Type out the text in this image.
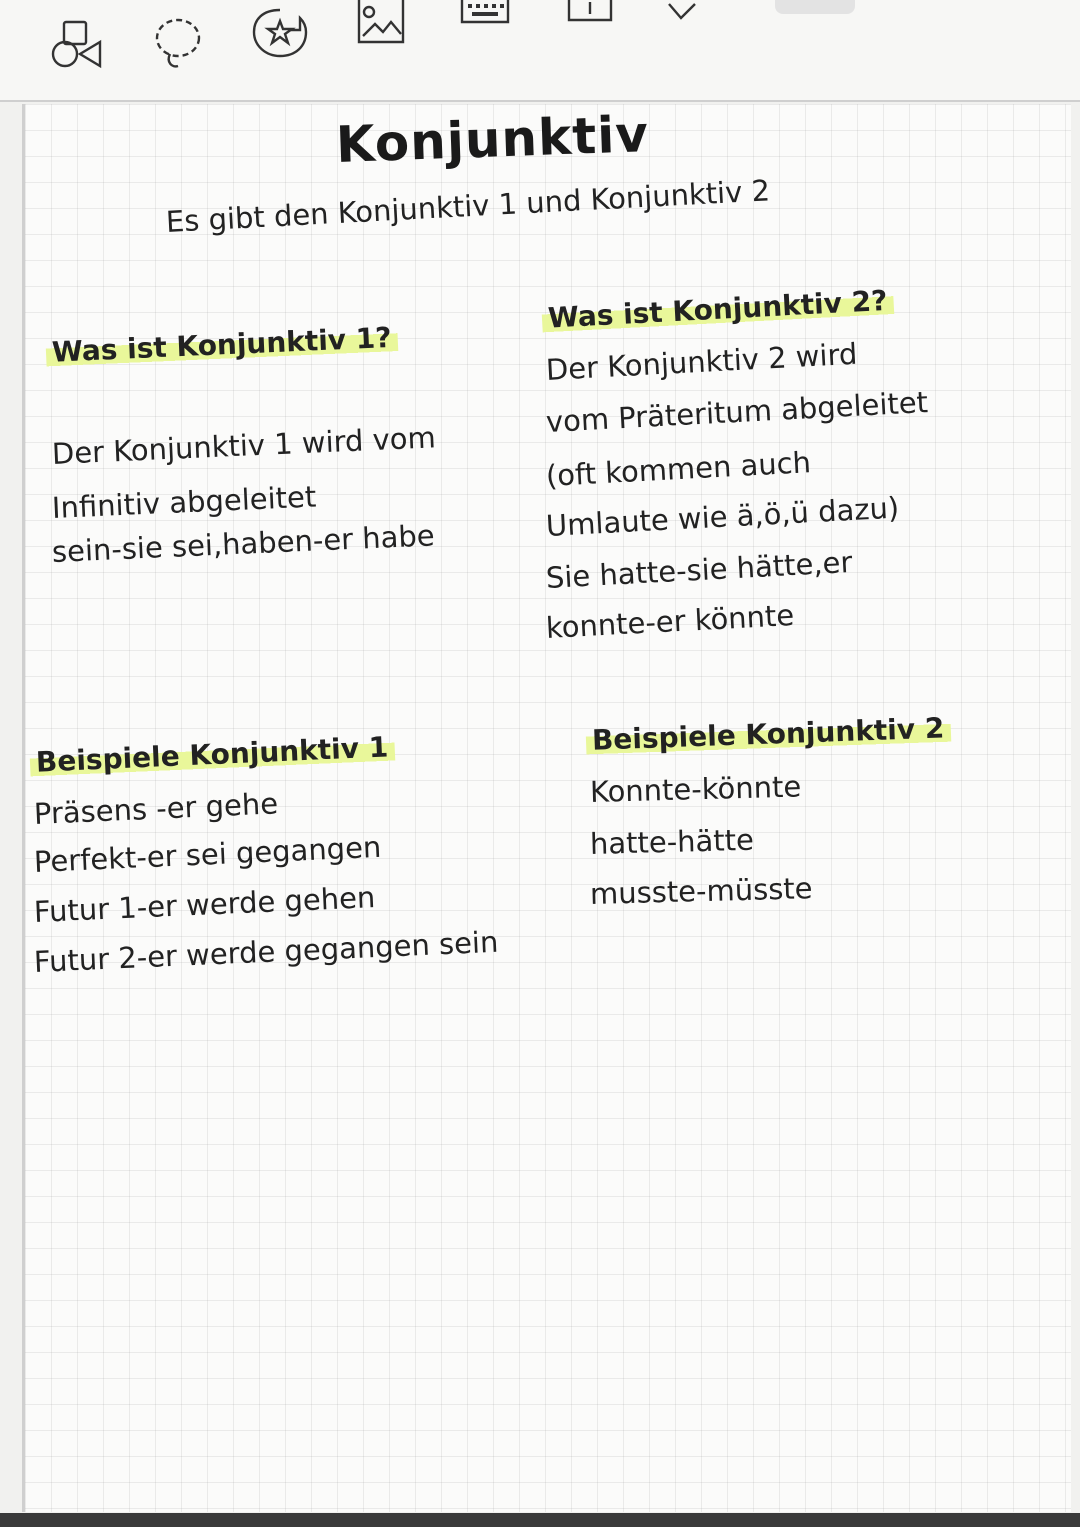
Konjunktiv
Es gibt den Konjunktiv 1 und Konjunktiv 2
Was ist Konjunktiv 1?
Der Konjunktiv 1 wird vom
Infinitiv abgeleitet
sein-sie sei,haben-er habe
Was ist Konjunktiv 2?
Der Konjunktiv 2 wird
vom Präteritum abgeleitet
(oft kommen auch
Umlaute wie ä,ö,ü dazu)
Sie hatte-sie hätte,er
konnte-er könnte
Beispiele Konjunktiv 1
Präsens -er gehe
Perfekt-er sei gegangen
Futur 1-er werde gehen
Futur 2-er werde gegangen sein
Beispiele Konjunktiv 2
Konnte-könnte
hatte-hätte
musste-müsste
